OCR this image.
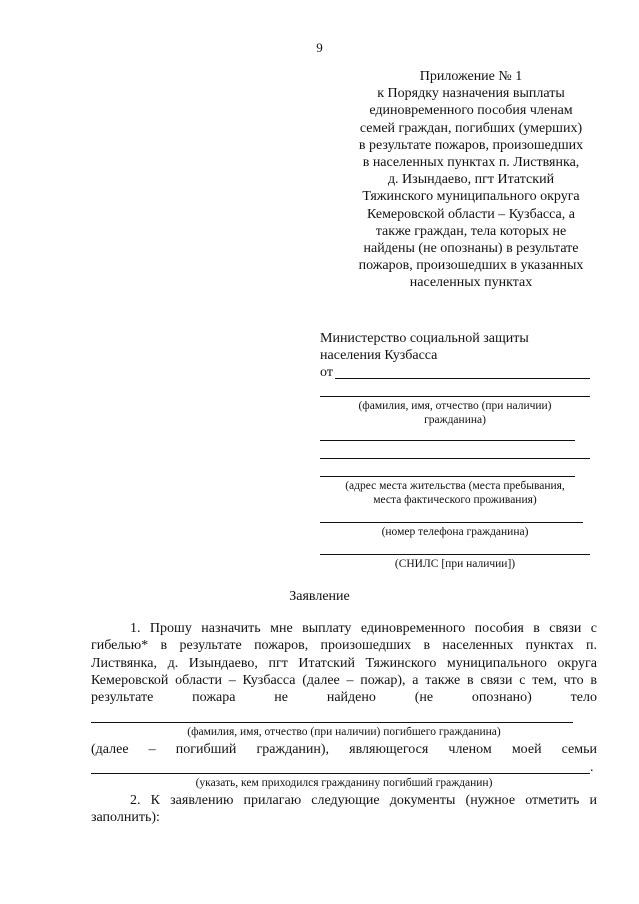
9
Приложение № 1
к Порядку назначения выплаты
единовременного пособия членам
семей граждан, погибших (умерших)
в результате пожаров, произошедших
в населенных пунктах п. Листвянка,
д. Изындаево, пгт Итатский
Тяжинского муниципального округа
Кемеровской области – Кузбасса, а
также граждан, тела которых не
найдены (не опознаны) в результате
пожаров, произошедших в указанных
населенных пунктах
Министерство социальной защиты
населения Кузбасса
от
(фамилия, имя, отчество (при наличии)
гражданина)
(адрес места жительства (места пребывания,
места фактического проживания)
(номер телефона гражданина)
(СНИЛС [при наличии])
Заявление
1. Прошу назначить мне выплату единовременного пособия в связи с
гибелью* в результате пожаров, произошедших в населенных пунктах п.
Листвянка, д. Изындаево, пгт Итатский Тяжинского муниципального округа
Кемеровской области – Кузбасса (далее – пожар), а также в связи с тем, что в
результате пожара не найдено (не опознано) тело
(фамилия, имя, отчество (при наличии) погибшего гражданина)
(далее – погибший гражданин), являющегося членом моей семьи
.
(указать, кем приходился гражданину погибший гражданин)
2. К заявлению прилагаю следующие документы (нужное отметить и
заполнить):
